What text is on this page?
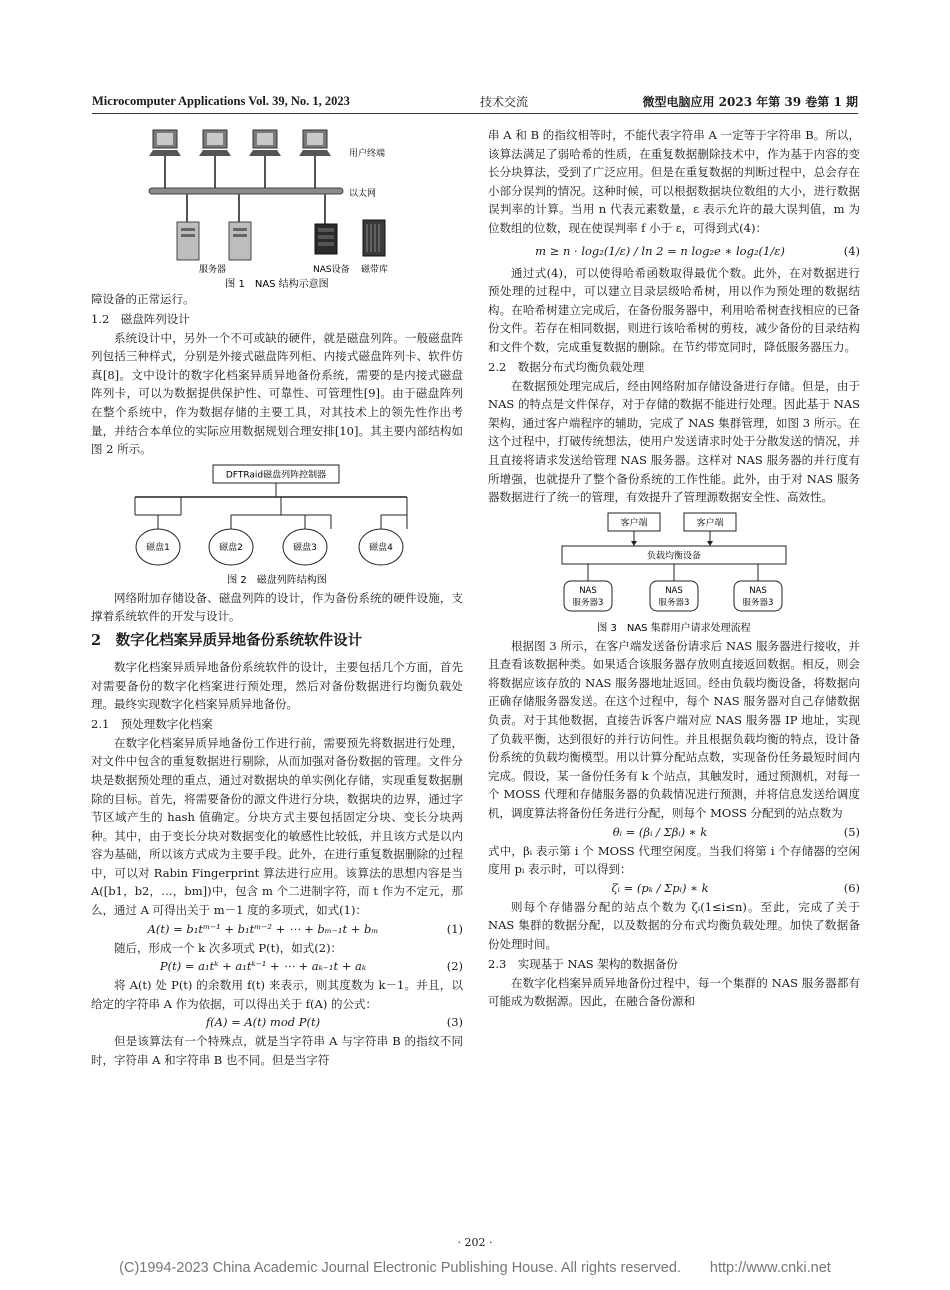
Microcomputer Applications Vol. 39, No. 1, 2023	技术交流	微型电脑应用 2023 年第 39 卷第 1 期
用户终端
以太网
服务器	NAS设备 磁带库
图 1　NAS 结构示意图
障设备的正常运行。
1.2　磁盘阵列设计
系统设计中，另外一个不可或缺的硬件，就是磁盘列阵。一般磁盘阵列包括三种样式，分别是外接式磁盘阵列柜、内接式磁盘阵列卡、软件仿真[8]。文中设计的数字化档案异质异地备份系统，需要的是内接式磁盘阵列卡，可以为数据提供保护性、可靠性、可管理性[9]。由于磁盘阵列在整个系统中，作为数据存储的主要工具，对其技术上的领先性作出考量，并结合本单位的实际应用数据规划合理安排[10]。其主要内部结构如图 2 所示。
DFTRaid磁盘列阵控制器
磁盘1	磁盘2	磁盘3	磁盘4
图 2　磁盘列阵结构图
网络附加存储设备、磁盘列阵的设计，作为备份系统的硬件设施，支撑着系统软件的开发与设计。
2　数字化档案异质异地备份系统软件设计
数字化档案异质异地备份系统软件的设计，主要包括几个方面，首先对需要备份的数字化档案进行预处理，然后对备份数据进行均衡负载处理。最终实现数字化档案异质异地备份。
2.1　预处理数字化档案
在数字化档案异质异地备份工作进行前，需要预先将数据进行处理，对文件中包含的重复数据进行剔除，从而加强对备份数据的管理。文件分块是数据预处理的重点，通过对数据块的单实例化存储，实现重复数据删除的目标。首先，将需要备份的源文件进行分块，数据块的边界，通过字节区域产生的 hash 值确定。分块方式主要包括固定分块、变长分块两种。其中，由于变长分块对数据变化的敏感性比较低，并且该方式是以内容为基础，所以该方式成为主要手段。此外，在进行重复数据删除的过程中，可以对 Rabin Fingerprint 算法进行应用。该算法的思想内容是当 A([b1，b2，…，bm])中，包含 m 个二进制字符，而 t 作为不定元，那么，通过 A 可得出关于 m－1 度的多项式，如式(1)：
A(t) = b₁tᵐ⁻¹ + b₁tᵐ⁻² + ⋯ + bₘ₋₁t + bₘ	(1)
随后，形成一个 k 次多项式 P(t)，如式(2)：
P(t) = a₁tᵏ + a₁tᵏ⁻¹ + ⋯ + aₖ₋₁t + aₖ	(2)
将 A(t) 处 P(t) 的余数用 f(t) 来表示，则其度数为 k－1。并且，以给定的字符串 A 作为依据，可以得出关于 f(A) 的公式：
f(A) = A(t) mod P(t)	(3)
但是该算法有一个特殊点，就是当字符串 A 与字符串 B 的指纹不同时，字符串 A 和字符串 B 也不同。但是当字符
串 A 和 B 的指纹相等时，不能代表字符串 A 一定等于字符串 B。所以，该算法满足了弱哈希的性质，在重复数据删除技术中，作为基于内容的变长分块算法，受到了广泛应用。但是在重复数据的判断过程中，总会存在小部分误判的情况。这种时候，可以根据数据块位数组的大小，进行数据误判率的计算。当用 n 代表元素数量，ε 表示允许的最大误判值，m 为位数组的位数，现在使误判率 f 小于 ε，可得到式(4)：
m ≥ n · log₂(1/ε) / ln 2 = n log₂e ∗ log₂(1/ε)	(4)
通过式(4)，可以使得哈希函数取得最优个数。此外，在对数据进行预处理的过程中，可以建立目录层级哈希树，用以作为预处理的数据结构。在哈希树建立完成后，在备份服务器中，利用哈希树查找相应的已备份文件。若存在相同数据，则进行该哈希树的剪枝，减少备份的目录结构和文件个数，完成重复数据的删除。在节约带宽同时，降低服务器压力。
2.2　数据分布式均衡负载处理
在数据预处理完成后，经由网络附加存储设备进行存储。但是，由于 NAS 的特点是文件保存，对于存储的数据不能进行处理。因此基于 NAS 架构，通过客户端程序的辅助，完成了 NAS 集群管理，如图 3 所示。在这个过程中，打破传统想法，使用户发送请求时处于分散发送的情况，并且直接将请求发送给管理 NAS 服务器。这样对 NAS 服务器的并行度有所增强，也就提升了整个备份系统的工作性能。此外，由于对 NAS 服务器数据进行了统一的管理，有效提升了管理源数据安全性、高效性。
客户端	客户端
负载均衡设备
NAS
服务器3
NAS
服务器3
NAS
服务器3
图 3　NAS 集群用户请求处理流程
根据图 3 所示，在客户端发送备份请求后 NAS 服务器进行接收，并且查看该数据种类。如果适合该服务器存放则直接返回数据。相反，则会将数据应该存放的 NAS 服务器地址返回。经由负载均衡设备，将数据向正确存储服务器发送。在这个过程中，每个 NAS 服务器对自己存储数据负责。对于其他数据，直接告诉客户端对应 NAS 服务器 IP 地址，实现了负载平衡，达到很好的并行访问性。并且根据负载均衡的特点，设计备份系统的负载均衡模型。用以计算分配站点数，实现备份任务最短时间内完成。假设，某一备份任务有 k 个站点，其触发时，通过预测机，对每一个 MOSS 代理和存储服务器的负载情况进行预测，并将信息发送给调度机，调度算法将备份任务进行分配，则每个 MOSS 分配到的站点数为
θᵢ = (βᵢ / Σβᵢ) ∗ k	(5)
式中，βᵢ 表示第 i 个 MOSS 代理空闲度。当我们将第 i 个存储器的空闲度用 pᵢ 表示时，可以得到：
ζᵢ = (pₖ / Σpᵢ) ∗ k	(6)
则每个存储器分配的站点个数为 ζᵢ(1≤i≤n)。至此，完成了关于 NAS 集群的数据分配，以及数据的分布式均衡负载处理。加快了数据备份处理时间。
2.3　实现基于 NAS 架构的数据备份
在数字化档案异质异地备份过程中，每一个集群的 NAS 服务器都有可能成为数据源。因此，在融合备份源和
· 202 ·
(C)1994-2023 China Academic Journal Electronic Publishing House. All rights reserved.　　http://www.cnki.net
